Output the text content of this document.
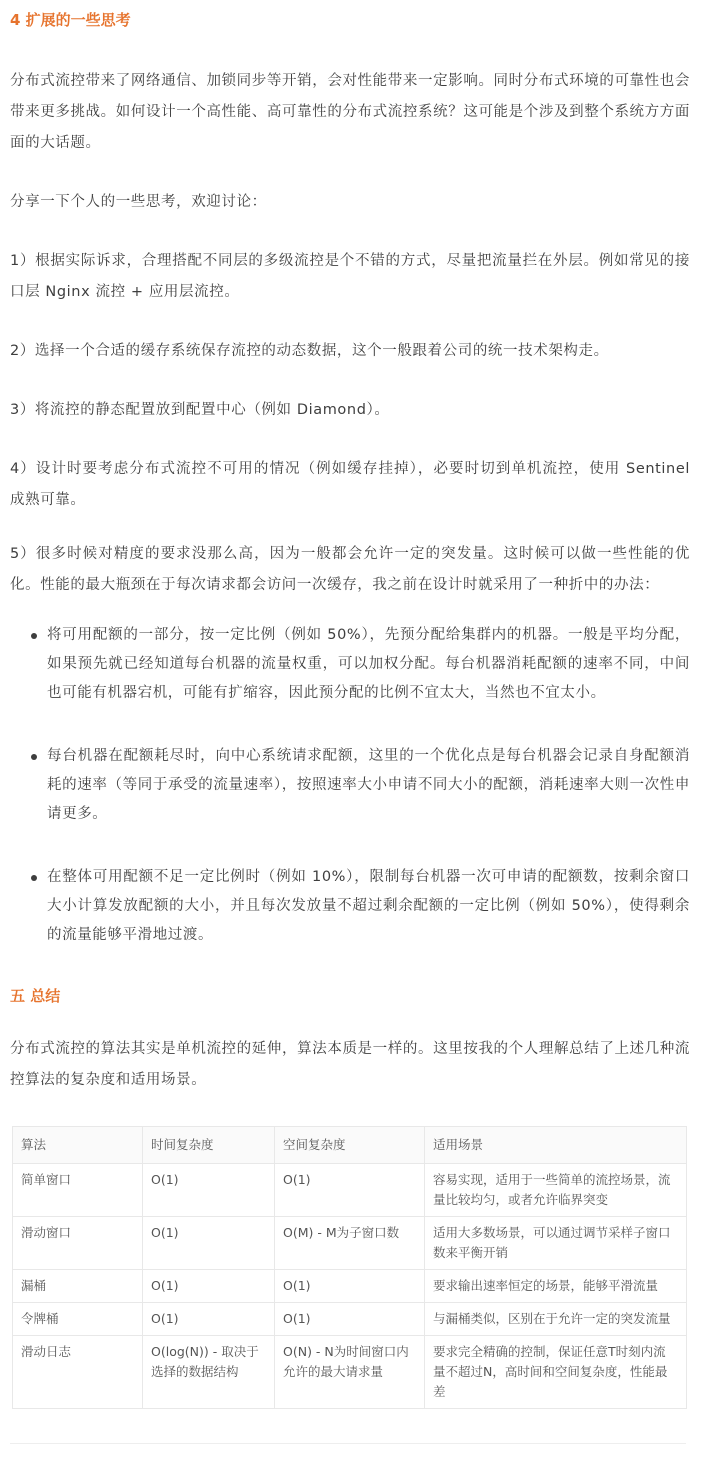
4 扩展的一些思考

分布式流控带来了网络通信、加锁同步等开销，会对性能带来一定影响。同时分布式环境的可靠性也会带来更多挑战。如何设计一个高性能、高可靠性的分布式流控系统？这可能是个涉及到整个系统方方面面的大话题。

分享一下个人的一些思考，欢迎讨论：

1）根据实际诉求，合理搭配不同层的多级流控是个不错的方式，尽量把流量拦在外层。例如常见的接口层 Nginx 流控 + 应用层流控。

2）选择一个合适的缓存系统保存流控的动态数据，这个一般跟着公司的统一技术架构走。

3）将流控的静态配置放到配置中心（例如 Diamond）。

4）设计时要考虑分布式流控不可用的情况（例如缓存挂掉），必要时切到单机流控，使用 Sentinel 成熟可靠。

5）很多时候对精度的要求没那么高，因为一般都会允许一定的突发量。这时候可以做一些性能的优化。性能的最大瓶颈在于每次请求都会访问一次缓存，我之前在设计时就采用了一种折中的办法：

将可用配额的一部分，按一定比例（例如 50%），先预分配给集群内的机器。一般是平均分配，如果预先就已经知道每台机器的流量权重，可以加权分配。每台机器消耗配额的速率不同，中间也可能有机器宕机，可能有扩缩容，因此预分配的比例不宜太大，当然也不宜太小。
每台机器在配额耗尽时，向中心系统请求配额，这里的一个优化点是每台机器会记录自身配额消耗的速率（等同于承受的流量速率），按照速率大小申请不同大小的配额，消耗速率大则一次性申请更多。
在整体可用配额不足一定比例时（例如 10%），限制每台机器一次可申请的配额数，按剩余窗口大小计算发放配额的大小，并且每次发放量不超过剩余配额的一定比例（例如 50%），使得剩余的流量能够平滑地过渡。
五 总结

分布式流控的算法其实是单机流控的延伸，算法本质是一样的。这里按我的个人理解总结了上述几种流控算法的复杂度和适用场景。

算法	时间复杂度	空间复杂度	适用场景
简单窗口	O(1)	O(1)	容易实现，适用于一些简单的流控场景，流量比较均匀，或者允许临界突变
滑动窗口	O(1)	O(M) - M为子窗口数	适用大多数场景，可以通过调节采样子窗口数来平衡开销
漏桶	O(1)	O(1)	要求输出速率恒定的场景，能够平滑流量
令牌桶	O(1)	O(1)	与漏桶类似，区别在于允许一定的突发流量
滑动日志	O(log(N)) - 取决于选择的数据结构	O(N) - N为时间窗口内允许的最大请求量	要求完全精确的控制，保证任意T时刻内流量不超过N，高时间和空间复杂度，性能最差
